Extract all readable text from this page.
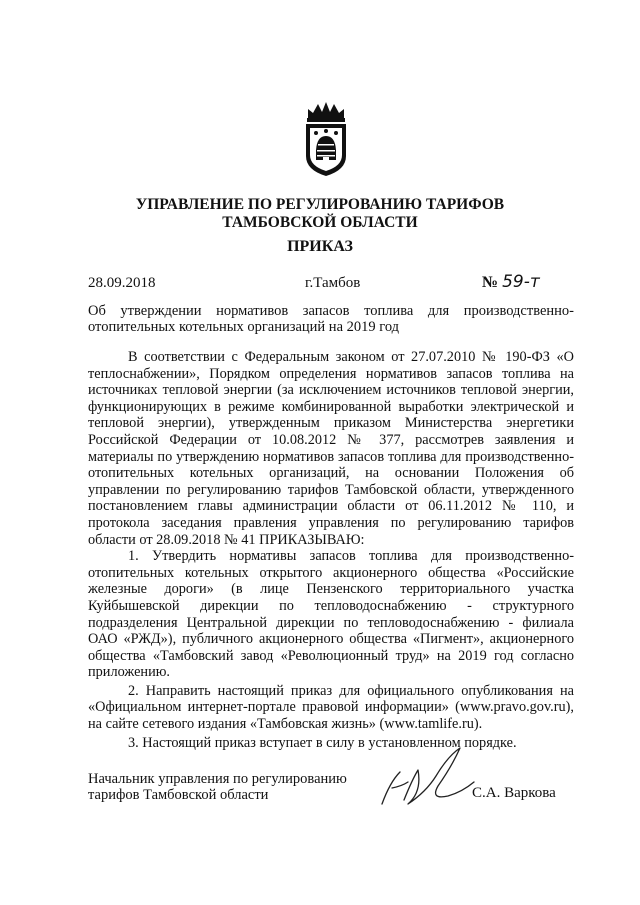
УПРАВЛЕНИЕ ПО РЕГУЛИРОВАНИЮ ТАРИФОВ
ТАМБОВСКОЙ ОБЛАСТИ
ПРИКАЗ
28.09.2018	г.Тамбов	№ 59-т
Об утверждении нормативов запасов топлива для производственно-отопительных котельных организаций на 2019 год

В соответствии с Федеральным законом от 27.07.2010 № 190-ФЗ «О теплоснабжении», Порядком определения нормативов запасов топлива на источниках тепловой энергии (за исключением источников тепловой энергии, функционирующих в режиме комбинированной выработки электрической и тепловой энергии), утвержденным приказом Министерства энергетики Российской Федерации от 10.08.2012 № 377, рассмотрев заявления и материалы по утверждению нормативов запасов топлива для производственно-отопительных котельных организаций, на основании Положения об управлении по регулированию тарифов Тамбовской области, утвержденного постановлением главы администрации области от 06.11.2012 № 110, и протокола заседания правления управления по регулированию тарифов области от 28.09.2018 № 41 ПРИКАЗЫВАЮ:

1. Утвердить нормативы запасов топлива для производственно-отопительных котельных открытого акционерного общества «Российские железные дороги» (в лице Пензенского территориального участка Куйбышевской дирекции по тепловодоснабжению - структурного подразделения Центральной дирекции по тепловодоснабжению - филиала ОАО «РЖД»), публичного акционерного общества «Пигмент», акционерного общества «Тамбовский завод «Революционный труд» на 2019 год согласно приложению.

2. Направить настоящий приказ для официального опубликования на «Официальном интернет-портале правовой информации» (www.pravo.gov.ru), на сайте сетевого издания «Тамбовская жизнь» (www.tamlife.ru).

3. Настоящий приказ вступает в силу в установленном порядке.

Начальник управления по регулированию
тарифов Тамбовской области	С.А. Варкова
